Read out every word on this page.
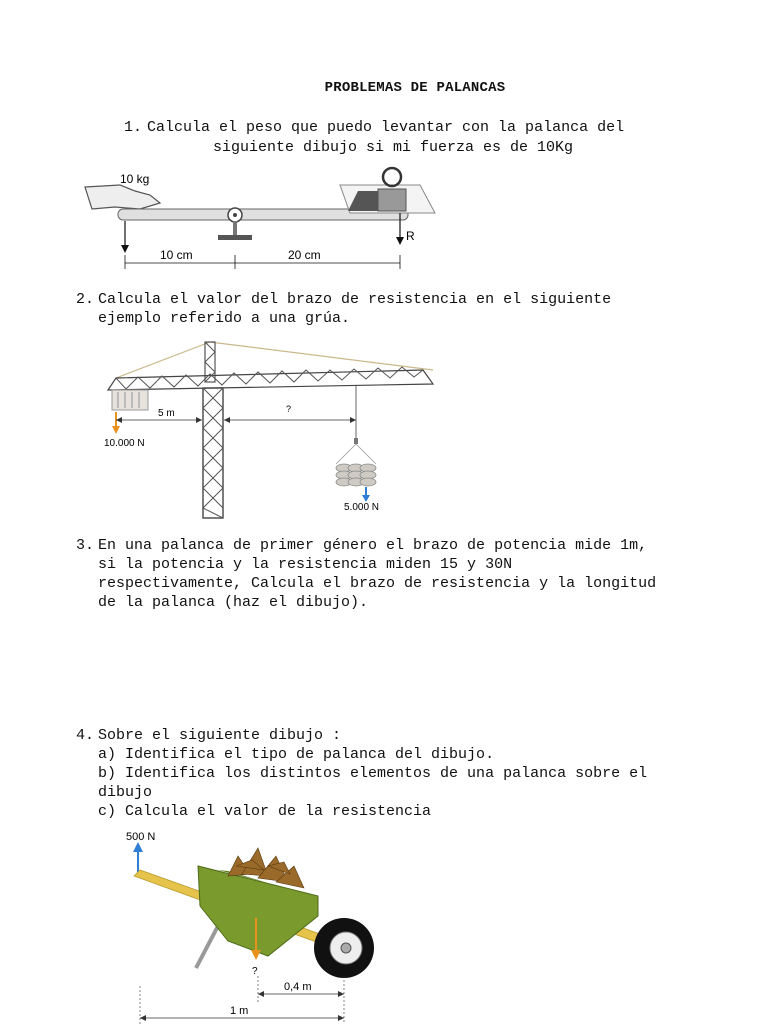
PROBLEMAS DE PALANCAS
1. Calcula el peso que puedo levantar con la palanca del
siguiente dibujo si mi fuerza es de 10Kg
10 kg
R
10 cm	20 cm
2. Calcula el valor del brazo de resistencia en el siguiente
ejemplo referido a una grúa.
10.000 N
5 m	?
5.000 N
3. En una palanca de primer género el brazo de potencia mide 1m,
si la potencia y la resistencia miden 15 y 30N
respectivamente, Calcula el brazo de resistencia y la longitud
de la palanca (haz el dibujo).
4. Sobre el siguiente dibujo :
a) Identifica el tipo de palanca del dibujo.
b) Identifica los distintos elementos de una palanca sobre el
dibujo
c) Calcula el valor de la resistencia
500 N
?
0,4 m
1 m
